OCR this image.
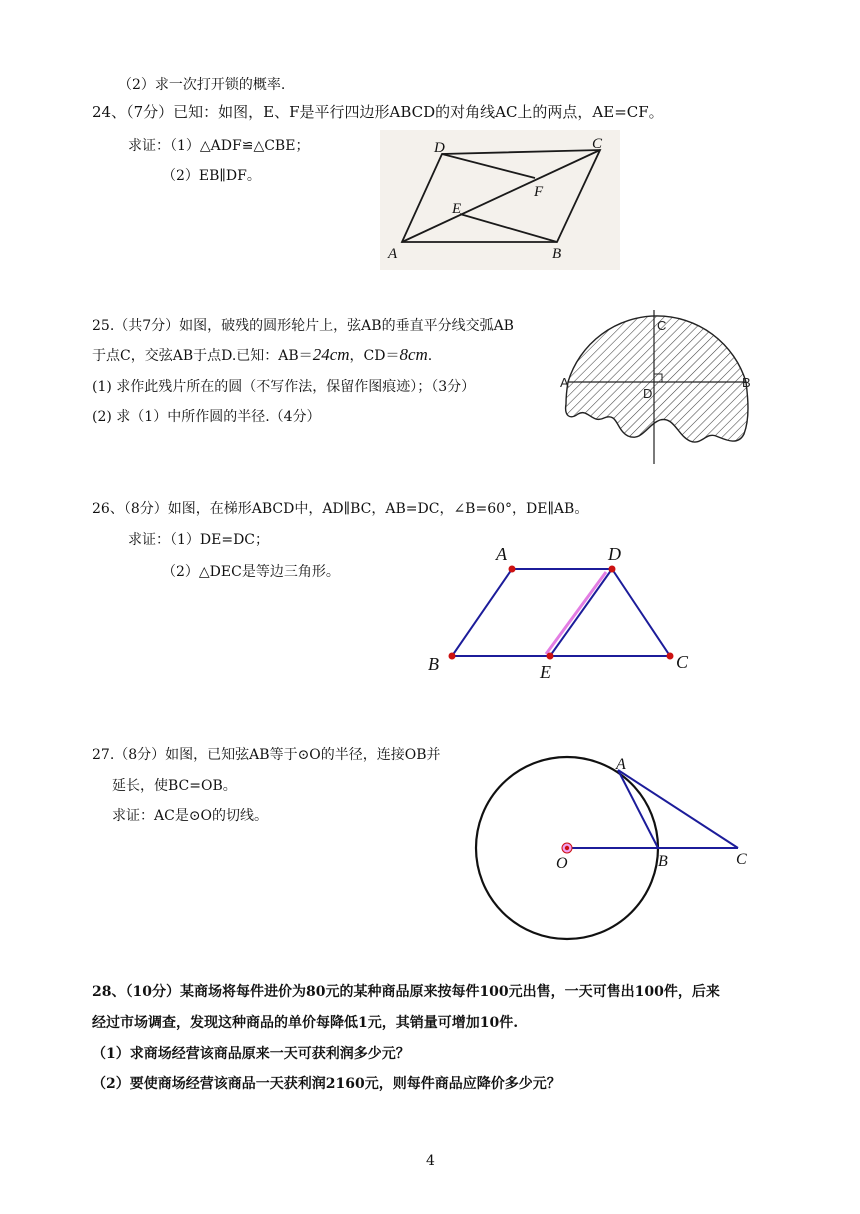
（2）求一次打开锁的概率.
24、（7分）已知：如图，E、F是平行四边形ABCD的对角线AC上的两点，AE=CF。
求证：（1）△ADF≌△CBE；
（2）EB∥DF。
A	B
C
D
E
F
25.（共7分）如图，破残的圆形轮片上，弦AB的垂直平分线交弧AB
于点C，交弦AB于点D.已知：AB＝24cm，CD＝8cm.
(1) 求作此残片所在的圆（不写作法，保留作图痕迹）；（3分）
(2) 求（1）中所作圆的半径.（4分）
A	B
C
D
26、（8分）如图，在梯形ABCD中，AD∥BC，AB=DC，∠B=60°，DE∥AB。
求证：（1）DE=DC；
（2）△DEC是等边三角形。
A	D
B	E	C
27.（8分）如图，已知弦AB等于⊙O的半径，连接OB并
延长，使BC=OB。
求证：AC是⊙O的切线。
A
O	B	C
28、（10分）某商场将每件进价为80元的某种商品原来按每件100元出售，一天可售出100件，后来
经过市场调查，发现这种商品的单价每降低1元，其销量可增加10件.
（1）求商场经营该商品原来一天可获利润多少元？
（2）要使商场经营该商品一天获利润2160元，则每件商品应降价多少元？
4
